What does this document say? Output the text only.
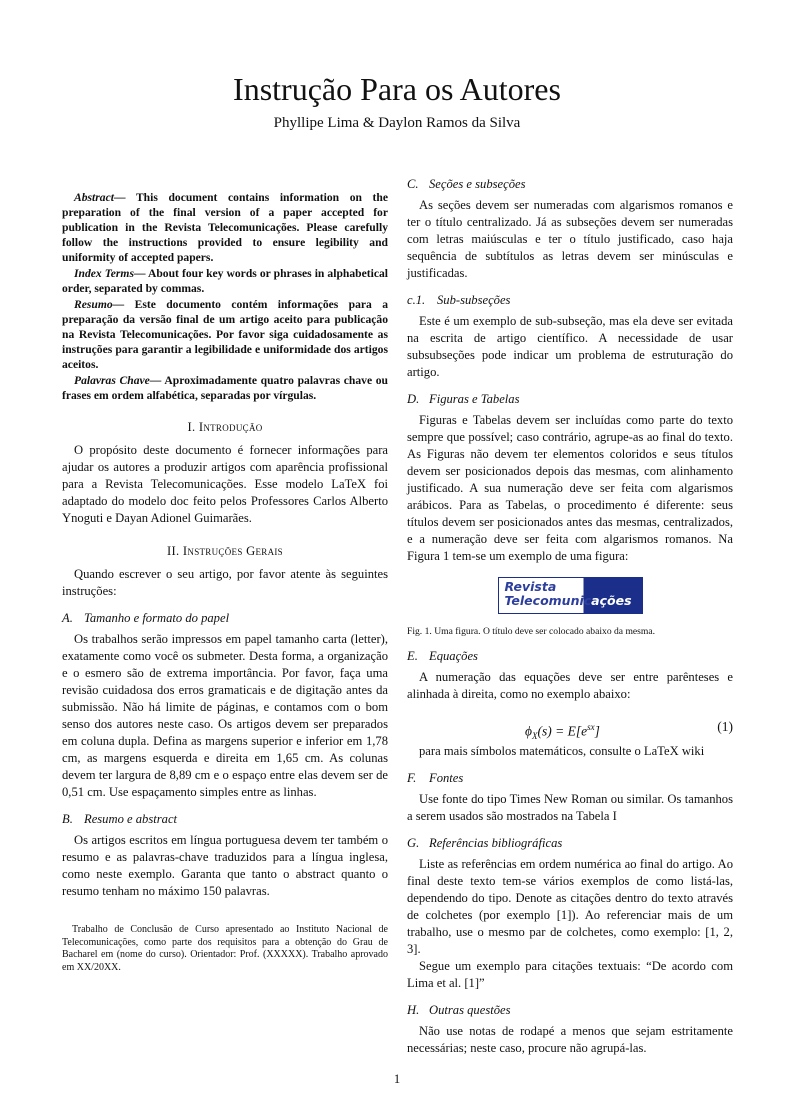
Instrução Para os Autores
Phyllipe Lima & Daylon Ramos da Silva

Abstract— This document contains information on the preparation of the final version of a paper accepted for publication in the Revista Telecomunicações. Please carefully follow the instructions provided to ensure legibility and uniformity of accepted papers.

Index Terms— About four key words or phrases in alphabetical order, separated by commas.

Resumo— Este documento contém informações para a preparação da versão final de um artigo aceito para publicação na Revista Telecomunicações. Por favor siga cuidadosamente as instruções para garantir a legibilidade e uniformidade dos artigos aceitos.

Palavras Chave— Aproximadamente quatro palavras chave ou frases em ordem alfabética, separadas por vírgulas.

I. Introdução

O propósito deste documento é fornecer informações para ajudar os autores a produzir artigos com aparência profissional para a Revista Telecomunicações. Esse modelo LaTeX foi adaptado do modelo doc feito pelos Professores Carlos Alberto Ynoguti e Dayan Adionel Guimarães.

II. Instruções Gerais

Quando escrever o seu artigo, por favor atente às seguintes instruções:

A. Tamanho e formato do papel

Os trabalhos serão impressos em papel tamanho carta (letter), exatamente como você os submeter. Desta forma, a organização e o esmero são de extrema importância. Por favor, faça uma revisão cuidadosa dos erros gramaticais e de digitação antes da submissão. Não há limite de páginas, e contamos com o bom senso dos autores neste caso. Os artigos devem ser preparados em coluna dupla. Defina as margens superior e inferior em 1,78 cm, as margens esquerda e direita em 1,65 cm. As colunas devem ter largura de 8,89 cm e o espaço entre elas devem ser de 0,51 cm. Use espaçamento simples entre as linhas.

B. Resumo e abstract

Os artigos escritos em língua portuguesa devem ter também o resumo e as palavras-chave traduzidos para a língua inglesa, como neste exemplo. Garanta que tanto o abstract quanto o resumo tenham no máximo 150 palavras.

Trabalho de Conclusão de Curso apresentado ao Instituto Nacional de Telecomunicações, como parte dos requisitos para a obtenção do Grau de Bacharel em (nome do curso). Orientador: Prof. (XXXXX). Trabalho aprovado em XX/20XX.
C. Seções e subseções

As seções devem ser numeradas com algarismos romanos e ter o título centralizado. Já as subseções devem ser numeradas com letras maiúsculas e ter o título justificado, caso haja sequência de subtítulos as letras devem ser minúsculas e justificadas.

c.1. Sub-subseções

Este é um exemplo de sub-subseção, mas ela deve ser evitada na escrita de artigo científico. A necessidade de usar subsubseções pode indicar um problema de estruturação do artigo.

D. Figuras e Tabelas

Figuras e Tabelas devem ser incluídas como parte do texto sempre que possível; caso contrário, agrupe-as ao final do texto. As Figuras não devem ter elementos coloridos e seus títulos devem ser posicionados depois das mesmas, com alinhamento justificado. A sua numeração deve ser feita com algarismos arábicos. Para as Tabelas, o procedimento é diferente: seus títulos devem ser posicionados antes das mesmas, centralizados, e a numeração deve ser feita com algarismos romanos. Na Figura 1 tem-se um exemplo de uma figura:

Revista
Telecomunicações
Fig. 1. Uma figura. O título deve ser colocado abaixo da mesma.
E. Equações

A numeração das equações deve ser entre parênteses e alinhada à direita, como no exemplo abaixo:

$\phi_X(s) = E[e^{sx}]$	(1)

para mais símbolos matemáticos, consulte o LaTeX wiki

F. Fontes

Use fonte do tipo Times New Roman ou similar. Os tamanhos a serem usados são mostrados na Tabela I

G. Referências bibliográficas

Liste as referências em ordem numérica ao final do artigo. Ao final deste texto tem-se vários exemplos de como listá-las, dependendo do tipo. Denote as citações dentro do texto através de colchetes (por exemplo [1]). Ao referenciar mais de um trabalho, use o mesmo par de colchetes, como exemplo: [1, 2, 3].

Segue um exemplo para citações textuais: “De acordo com Lima et al. [1]”

H. Outras questões

Não use notas de rodapé a menos que sejam estritamente necessárias; neste caso, procure não agrupá-las.

1
